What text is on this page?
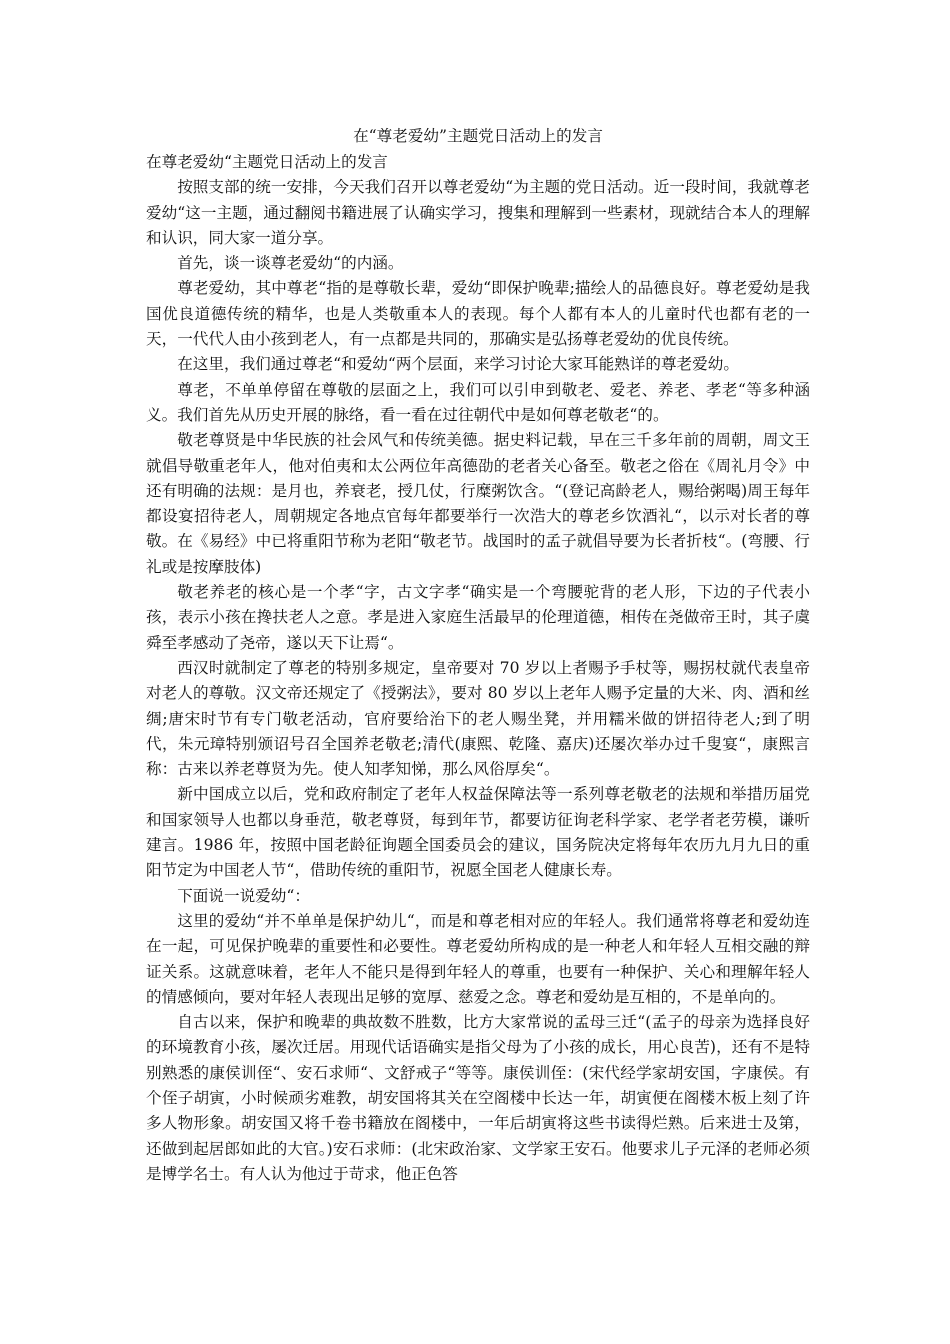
在“尊老爱幼”主题党日活动上的发言
在尊老爱幼“主题党日活动上的发言

按照支部的统一安排，今天我们召开以尊老爱幼“为主题的党日活动。近一段时间，我就尊老爱幼“这一主题，通过翻阅书籍进展了认确实学习，搜集和理解到一些素材，现就结合本人的理解和认识，同大家一道分享。

首先，谈一谈尊老爱幼“的内涵。

尊老爱幼，其中尊老“指的是尊敬长辈，爱幼“即保护晚辈;描绘人的品德良好。尊老爱幼是我国优良道德传统的精华，也是人类敬重本人的表现。每个人都有本人的儿童时代也都有老的一天，一代代人由小孩到老人，有一点都是共同的，那确实是弘扬尊老爱幼的优良传统。

在这里，我们通过尊老“和爱幼“两个层面，来学习讨论大家耳能熟详的尊老爱幼。

尊老，不单单停留在尊敬的层面之上，我们可以引申到敬老、爱老、养老、孝老“等多种涵义。我们首先从历史开展的脉络，看一看在过往朝代中是如何尊老敬老“的。

敬老尊贤是中华民族的社会风气和传统美德。据史料记载，早在三千多年前的周朝，周文王就倡导敬重老年人，他对伯夷和太公两位年高德劭的老者关心备至。敬老之俗在《周礼月令》中还有明确的法规：是月也，养衰老，授几仗，行糜粥饮含。“(登记高龄老人，赐给粥喝)周王每年都设宴招待老人，周朝规定各地点官每年都要举行一次浩大的尊老乡饮酒礼“，以示对长者的尊敬。在《易经》中已将重阳节称为老阳“敬老节。战国时的孟子就倡导要为长者折枝“。(弯腰、行礼或是按摩肢体)

敬老养老的核心是一个孝“字，古文字孝“确实是一个弯腰驼背的老人形，下边的子代表小孩，表示小孩在搀扶老人之意。孝是进入家庭生活最早的伦理道德，相传在尧做帝王时，其子虞舜至孝感动了尧帝，遂以天下让焉“。

西汉时就制定了尊老的特别多规定，皇帝要对 70 岁以上者赐予手杖等，赐拐杖就代表皇帝对老人的尊敬。汉文帝还规定了《授粥法》，要对 80 岁以上老年人赐予定量的大米、肉、酒和丝绸;唐宋时节有专门敬老活动，官府要给治下的老人赐坐凳，并用糯米做的饼招待老人;到了明代，朱元璋特别颁诏号召全国养老敬老;清代(康熙、乾隆、嘉庆)还屡次举办过千叟宴“，康熙言称：古来以养老尊贤为先。使人知孝知悌，那么风俗厚矣“。

新中国成立以后，党和政府制定了老年人权益保障法等一系列尊老敬老的法规和举措历届党和国家领导人也都以身垂范，敬老尊贤，每到年节，都要访征询老科学家、老学者老劳模，谦听建言。1986 年，按照中国老龄征询题全国委员会的建议，国务院决定将每年农历九月九日的重阳节定为中国老人节“，借助传统的重阳节，祝愿全国老人健康长寿。

下面说一说爱幼“：

这里的爱幼“并不单单是保护幼儿“，而是和尊老相对应的年轻人。我们通常将尊老和爱幼连在一起，可见保护晚辈的重要性和必要性。尊老爱幼所构成的是一种老人和年轻人互相交融的辩证关系。这就意味着，老年人不能只是得到年轻人的尊重，也要有一种保护、关心和理解年轻人的情感倾向，要对年轻人表现出足够的宽厚、慈爱之念。尊老和爱幼是互相的，不是单向的。

自古以来，保护和晚辈的典故数不胜数，比方大家常说的孟母三迁“(孟子的母亲为选择良好的环境教育小孩，屡次迁居。用现代话语确实是指父母为了小孩的成长，用心良苦)，还有不是特别熟悉的康侯训侄“、安石求师“、文舒戒子“等等。康侯训侄：(宋代经学家胡安国，字康侯。有个侄子胡寅，小时候顽劣难教，胡安国将其关在空阁楼中长达一年，胡寅便在阁楼木板上刻了许多人物形象。胡安国又将千卷书籍放在阁楼中，一年后胡寅将这些书读得烂熟。后来进士及第，还做到起居郎如此的大官。)安石求师：(北宋政治家、文学家王安石。他要求儿子元泽的老师必须是博学名士。有人认为他过于苛求，他正色答
